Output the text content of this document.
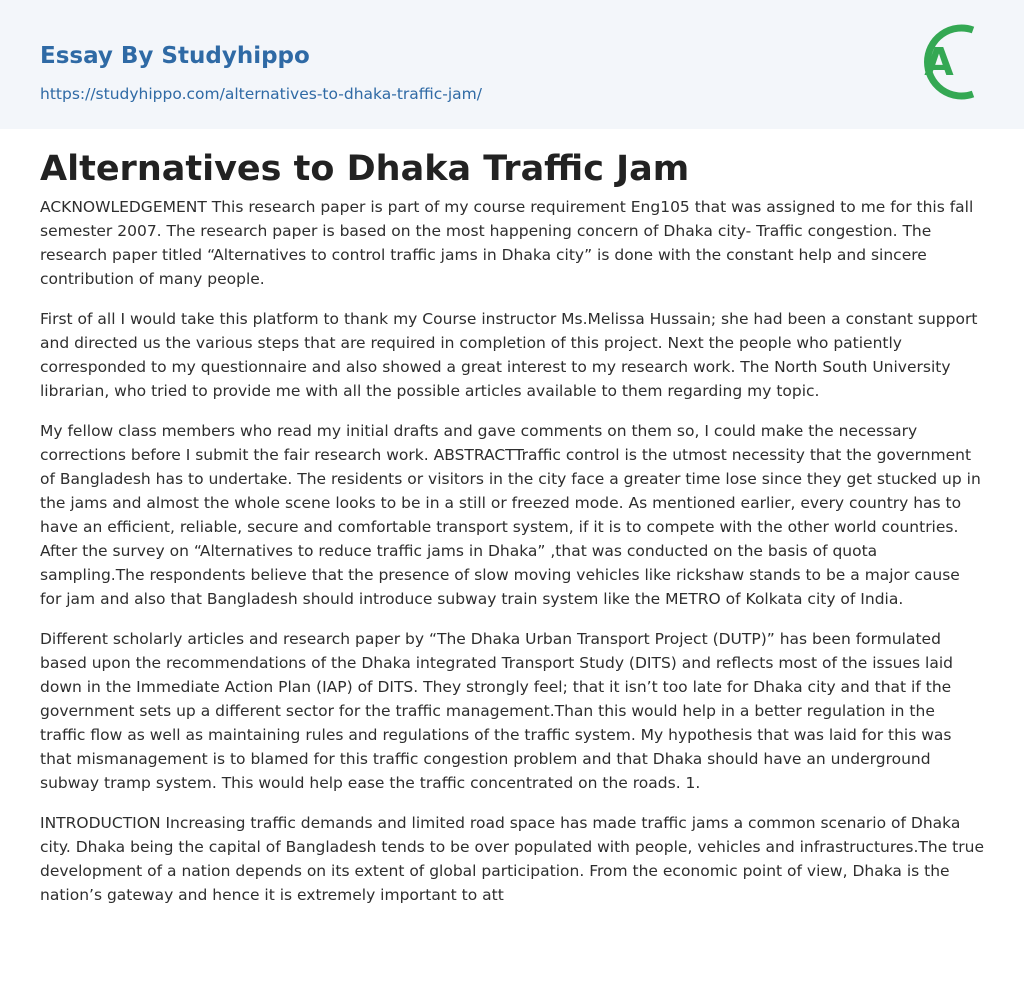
Essay By Studyhippo
https://studyhippo.com/alternatives-to-dhaka-traffic-jam/
A
Alternatives to Dhaka Traffic Jam

ACKNOWLEDGEMENT This research paper is part of my course requirement Eng105 that was assigned to me for this fall semester 2007. The research paper is based on the most happening concern of Dhaka city- Traffic congestion. The research paper titled “Alternatives to control traffic jams in Dhaka city” is done with the constant help and sincere contribution of many people.

First of all I would take this platform to thank my Course instructor Ms.Melissa Hussain; she had been a constant support and directed us the various steps that are required in completion of this project. Next the people who patiently corresponded to my questionnaire and also showed a great interest to my research work. The North South University librarian, who tried to provide me with all the possible articles available to them regarding my topic.

My fellow class members who read my initial drafts and gave comments on them so, I could make the necessary corrections before I submit the fair research work. ABSTRACTTraffic control is the utmost necessity that the government of Bangladesh has to undertake. The residents or visitors in the city face a greater time lose since they get stucked up in the jams and almost the whole scene looks to be in a still or freezed mode. As mentioned earlier, every country has to have an efficient, reliable, secure and comfortable transport system, if it is to compete with the other world countries. After the survey on “Alternatives to reduce traffic jams in Dhaka” ,that was conducted on the basis of quota sampling.The respondents believe that the presence of slow moving vehicles like rickshaw stands to be a major cause for jam and also that Bangladesh should introduce subway train system like the METRO of Kolkata city of India.

Different scholarly articles and research paper by “The Dhaka Urban Transport Project (DUTP)” has been formulated based upon the recommendations of the Dhaka integrated Transport Study (DITS) and reflects most of the issues laid down in the Immediate Action Plan (IAP) of DITS. They strongly feel; that it isn’t too late for Dhaka city and that if the government sets up a different sector for the traffic management.Than this would help in a better regulation in the traffic flow as well as maintaining rules and regulations of the traffic system. My hypothesis that was laid for this was that mismanagement is to blamed for this traffic congestion problem and that Dhaka should have an underground subway tramp system. This would help ease the traffic concentrated on the roads. 1.

INTRODUCTION Increasing traffic demands and limited road space has made traffic jams a common scenario of Dhaka city. Dhaka being the capital of Bangladesh tends to be over populated with people, vehicles and infrastructures.The true development of a nation depends on its extent of global participation. From the economic point of view, Dhaka is the nation’s gateway and hence it is extremely important to att
